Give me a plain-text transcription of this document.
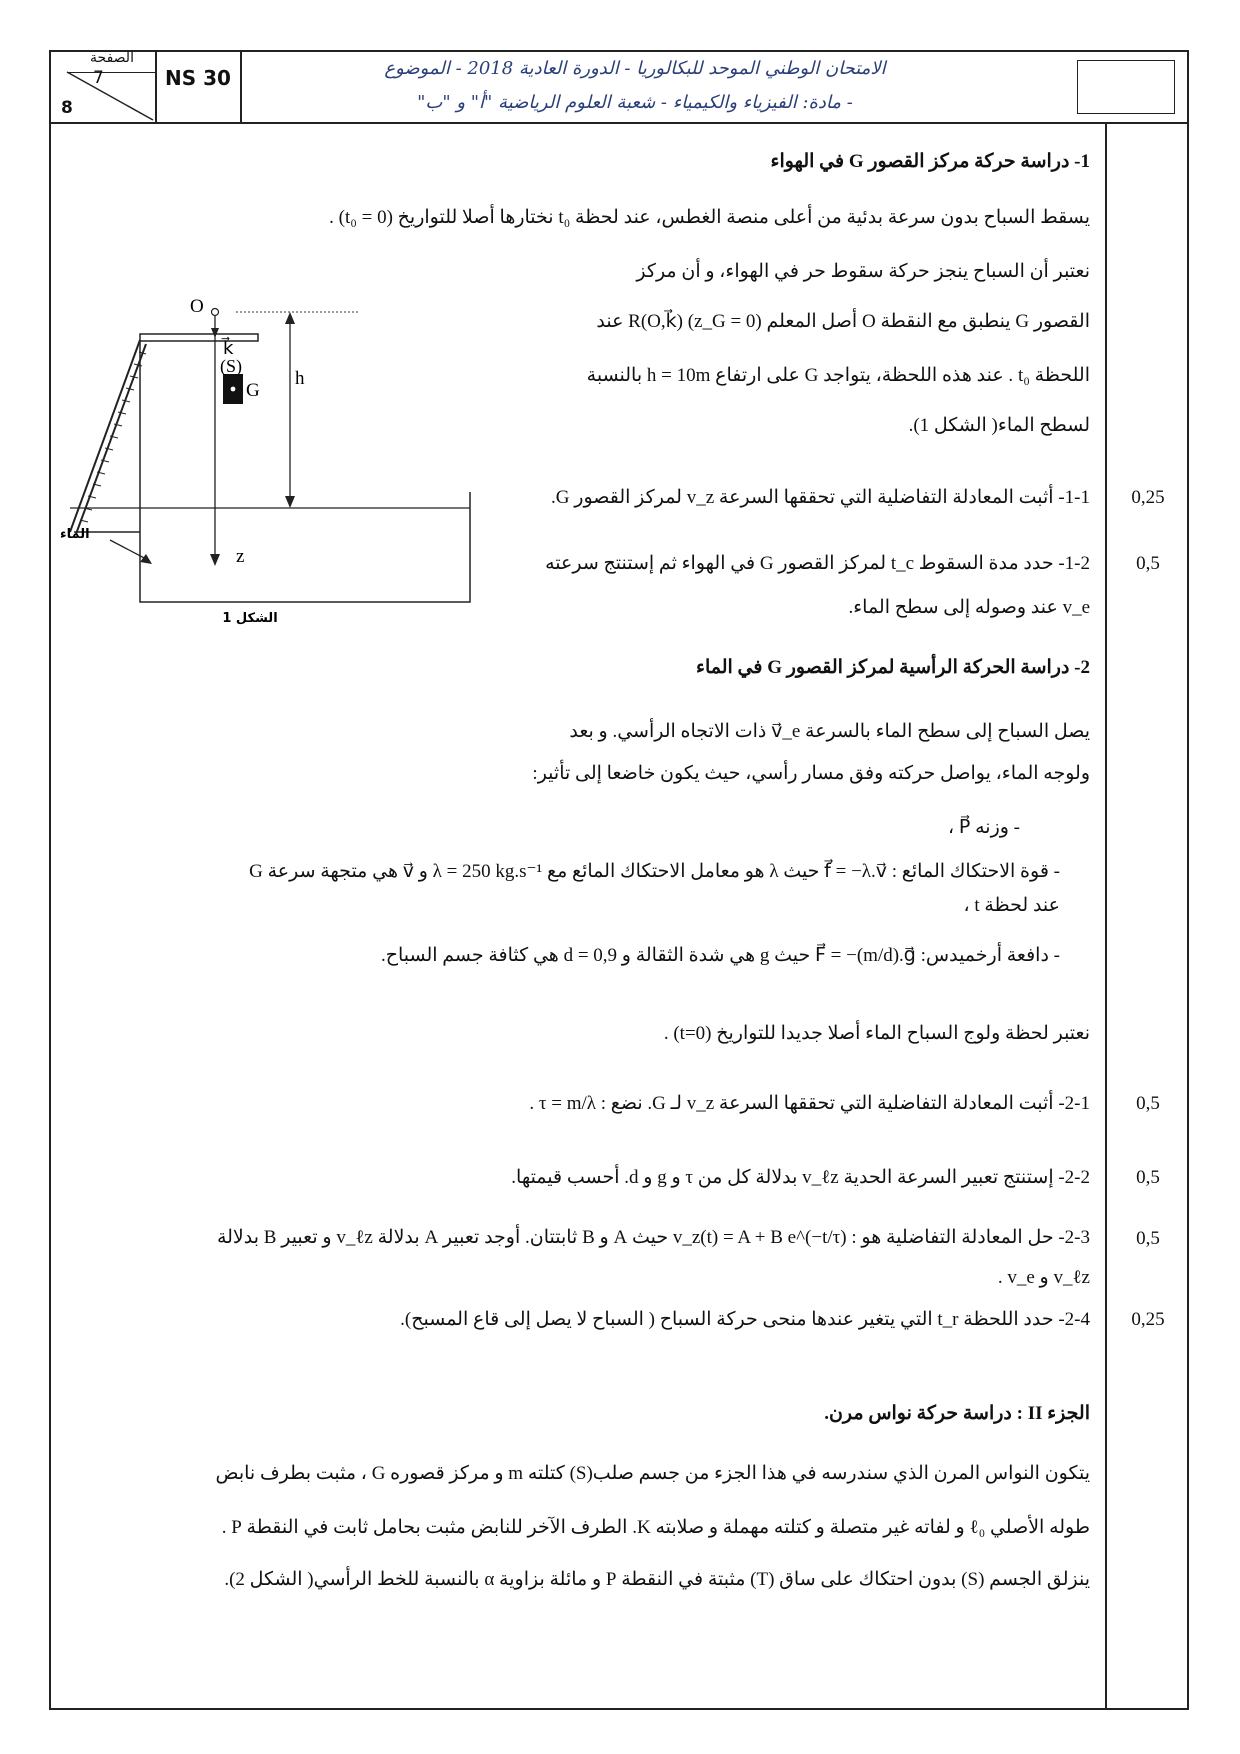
الصفحة
7
8
NS 30	الامتحان الوطني الموحد للبكالوريا - الدورة العادية 2018 - الموضوع
- مادة: الفيزياء والكيمياء - شعبة العلوم الرياضية "أ" و "ب"
1- دراسة حركة مركز القصور G في الهواء
يسقط السباح بدون سرعة بدئية من أعلى منصة الغطس، عند لحظة t₀ نختارها أصلا للتواريخ (t₀ = 0) .
نعتبر أن السباح ينجز حركة سقوط حر في الهواء، و أن مركز
القصور G ينطبق مع النقطة O أصل المعلم R(O,k⃗) (z_G = 0) عند
اللحظة t₀ . عند هذه اللحظة، يتواجد G على ارتفاع h = 10m بالنسبة
لسطح الماء( الشكل 1).
1-1- أثبت المعادلة التفاضلية التي تحققها السرعة v_z لمركز القصور G.	0,25
1-2- حدد مدة السقوط t_c لمركز القصور G في الهواء ثم إستنتج سرعته
v_e عند وصوله إلى سطح الماء.
0,5
O
k⃗
(S)
G
h
z
الماء
الشكل 1
2- دراسة الحركة الرأسية لمركز القصور G في الماء
يصل السباح إلى سطح الماء بالسرعة v⃗_e ذات الاتجاه الرأسي. و بعد
ولوجه الماء، يواصل حركته وفق مسار رأسي، حيث يكون خاضعا إلى تأثير:
- وزنه P⃗ ،
- قوة الاحتكاك المائع : f⃗ = −λ.v⃗ حيث λ هو معامل الاحتكاك المائع مع λ = 250 kg.s⁻¹ و v⃗ هي متجهة سرعة G
عند لحظة t ،
- دافعة أرخميدس: F⃗ = −(m/d).g⃗ حيث g هي شدة الثقالة و d = 0,9 هي كثافة جسم السباح.
نعتبر لحظة ولوج السباح الماء أصلا جديدا للتواريخ (t=0) .
2-1- أثبت المعادلة التفاضلية التي تحققها السرعة v_z لـ G. نضع : τ = m/λ .	0,5
2-2- إستنتج تعبير السرعة الحدية v_ℓz بدلالة كل من τ و g و d. أحسب قيمتها.	0,5
2-3- حل المعادلة التفاضلية هو : v_z(t) = A + B e^(−t/τ) حيث A و B ثابتتان. أوجد تعبير A بدلالة v_ℓz و تعبير B بدلالة
v_ℓz و v_e .
0,5
2-4- حدد اللحظة t_r التي يتغير عندها منحى حركة السباح ( السباح لا يصل إلى قاع المسبح).	0,25
الجزء II : دراسة حركة نواس مرن.
يتكون النواس المرن الذي سندرسه في هذا الجزء من جسم صلب(S) كتلته m و مركز قصوره G ، مثبت بطرف نابض
طوله الأصلي ℓ₀ و لفاته غير متصلة و كتلته مهملة و صلابته K. الطرف الآخر للنابض مثبت بحامل ثابت في النقطة P .
ينزلق الجسم (S) بدون احتكاك على ساق (T) مثبتة في النقطة P و مائلة بزاوية α بالنسبة للخط الرأسي( الشكل 2).
